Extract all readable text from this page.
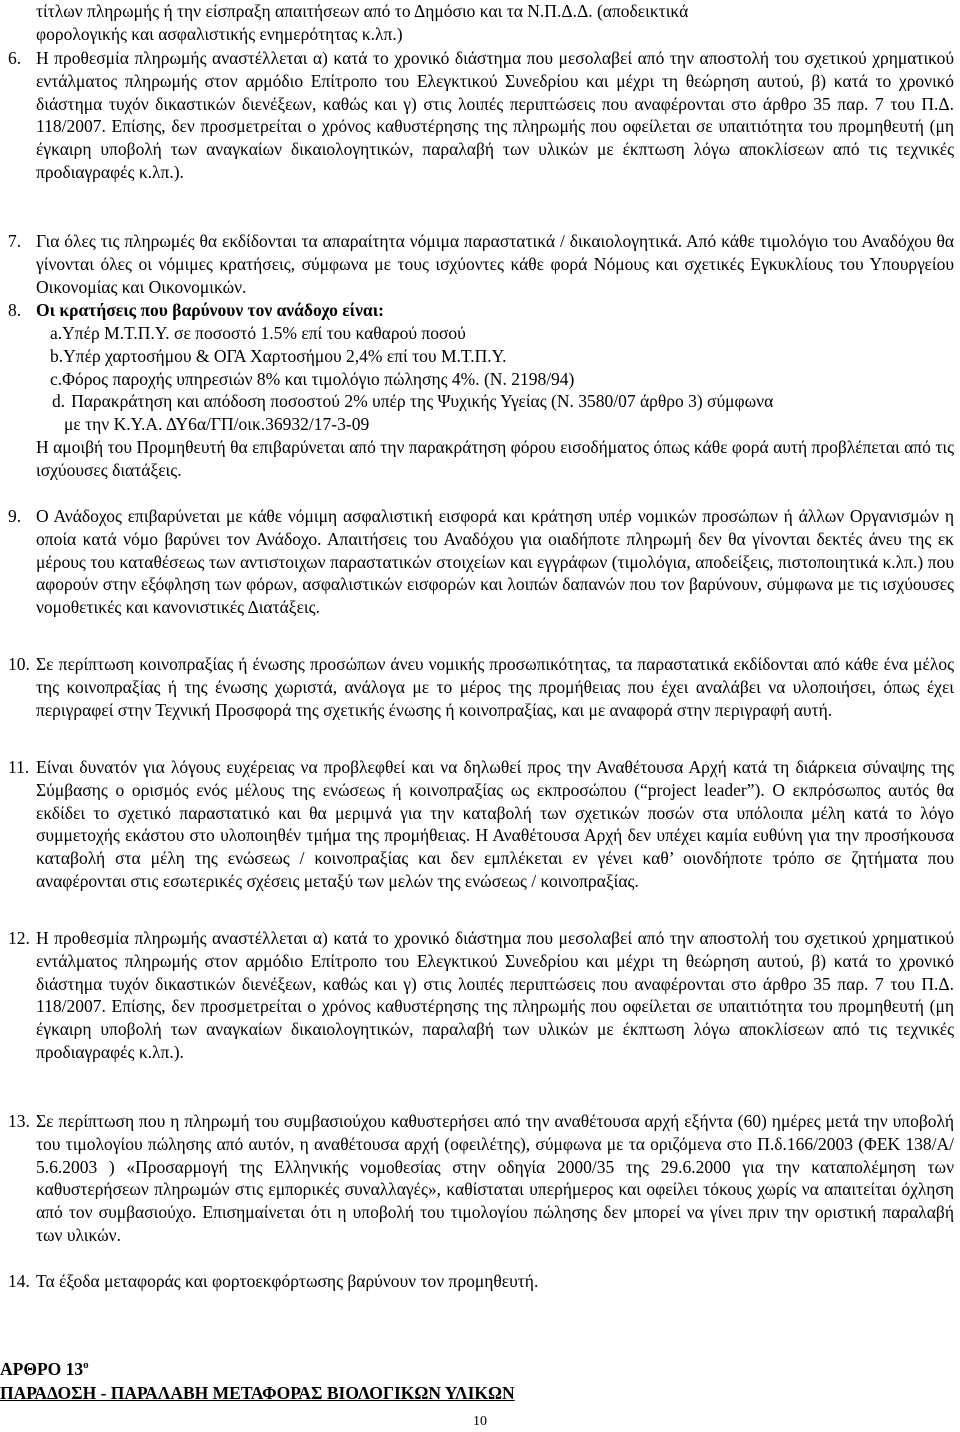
τίτλων πληρωμής ή την είσπραξη απαιτήσεων από το Δημόσιο και τα Ν.Π.Δ.Δ. (αποδεικτικά
φορολογικής και ασφαλιστικής ενημερότητας κ.λπ.)
6. Η προθεσμία πληρωμής αναστέλλεται α) κατά το χρονικό διάστημα που μεσολαβεί από την αποστολή του σχετικού χρηματικού εντάλματος πληρωμής στον αρμόδιο Επίτροπο του Ελεγκτικού Συνεδρίου και μέχρι τη θεώρηση αυτού, β) κατά το χρονικό διάστημα τυχόν δικαστικών διενέξεων, καθώς και γ) στις λοιπές περιπτώσεις που αναφέρονται στο άρθρο 35 παρ. 7 του Π.Δ. 118/2007. Επίσης, δεν προσμετρείται ο χρόνος καθυστέρησης της πληρωμής που οφείλεται σε υπαιτιότητα του προμηθευτή (μη έγκαιρη υποβολή των αναγκαίων δικαιολογητικών, παραλαβή των υλικών με έκπτωση λόγω αποκλίσεων από τις τεχνικές προδιαγραφές κ.λπ.).
7. Για όλες τις πληρωμές θα εκδίδονται τα απαραίτητα νόμιμα παραστατικά / δικαιολογητικά. Από κάθε τιμολόγιο του Αναδόχου θα γίνονται όλες οι νόμιμες κρατήσεις, σύμφωνα με τους ισχύοντες κάθε φορά Νόμους και σχετικές Εγκυκλίους του Υπουργείου Οικονομίας και Οικονομικών.
8. Οι κρατήσεις που βαρύνουν τον ανάδοχο είναι:
a.Υπέρ Μ.Τ.Π.Υ. σε ποσοστό 1.5% επί του καθαρού ποσού
b.Υπέρ χαρτοσήμου & ΟΓΑ Χαρτοσήμου 2,4% επί του Μ.Τ.Π.Υ.
c.Φόρος παροχής υπηρεσιών 8% και τιμολόγιο πώλησης 4%. (Ν. 2198/94)
d. Παρακράτηση και απόδοση ποσοστού 2% υπέρ της Ψυχικής Υγείας (Ν. 3580/07 άρθρο 3) σύμφωνα
με την Κ.Υ.Α. ΔΥ6α/ΓΠ/οικ.36932/17-3-09
Η αμοιβή του Προμηθευτή θα επιβαρύνεται από την παρακράτηση φόρου εισοδήματος όπως κάθε φορά αυτή προβλέπεται από τις ισχύουσες διατάξεις.
9. Ο Ανάδοχος επιβαρύνεται με κάθε νόμιμη ασφαλιστική εισφορά και κράτηση υπέρ νομικών προσώπων ή άλλων Οργανισμών η οποία κατά νόμο βαρύνει τον Ανάδοχο. Απαιτήσεις του Αναδόχου για οιαδήποτε πληρωμή δεν θα γίνονται δεκτές άνευ της εκ μέρους του καταθέσεως των αντιστοιχων παραστατικών στοιχείων και εγγράφων (τιμολόγια, αποδείξεις, πιστοποιητικά κ.λπ.) που αφορούν στην εξόφληση των φόρων, ασφαλιστικών εισφορών και λοιπών δαπανών που τον βαρύνουν, σύμφωνα με τις ισχύουσες νομοθετικές και κανονιστικές Διατάξεις.
10. Σε περίπτωση κοινοπραξίας ή ένωσης προσώπων άνευ νομικής προσωπικότητας, τα παραστατικά εκδίδονται από κάθε ένα μέλος της κοινοπραξίας ή της ένωσης χωριστά, ανάλογα με το μέρος της προμήθειας που έχει αναλάβει να υλοποιήσει, όπως έχει περιγραφεί στην Τεχνική Προσφορά της σχετικής ένωσης ή κοινοπραξίας, και με αναφορά στην περιγραφή αυτή.
11. Είναι δυνατόν για λόγους ευχέρειας να προβλεφθεί και να δηλωθεί προς την Αναθέτουσα Αρχή κατά τη διάρκεια σύναψης της Σύμβασης ο ορισμός ενός μέλους της ενώσεως ή κοινοπραξίας ως εκπροσώπου (“project leader”). Ο εκπρόσωπος αυτός θα εκδίδει το σχετικό παραστατικό και θα μεριμνά για την καταβολή των σχετικών ποσών στα υπόλοιπα μέλη κατά το λόγο συμμετοχής εκάστου στο υλοποιηθέν τμήμα της προμήθειας. Η Αναθέτουσα Αρχή δεν υπέχει καμία ευθύνη για την προσήκουσα καταβολή στα μέλη της ενώσεως / κοινοπραξίας και δεν εμπλέκεται εν γένει καθ’ οιονδήποτε τρόπο σε ζητήματα που αναφέρονται στις εσωτερικές σχέσεις μεταξύ των μελών της ενώσεως / κοινοπραξίας.
12. Η προθεσμία πληρωμής αναστέλλεται α) κατά το χρονικό διάστημα που μεσολαβεί από την αποστολή του σχετικού χρηματικού εντάλματος πληρωμής στον αρμόδιο Επίτροπο του Ελεγκτικού Συνεδρίου και μέχρι τη θεώρηση αυτού, β) κατά το χρονικό διάστημα τυχόν δικαστικών διενέξεων, καθώς και γ) στις λοιπές περιπτώσεις που αναφέρονται στο άρθρο 35 παρ. 7 του Π.Δ. 118/2007. Επίσης, δεν προσμετρείται ο χρόνος καθυστέρησης της πληρωμής που οφείλεται σε υπαιτιότητα του προμηθευτή (μη έγκαιρη υποβολή των αναγκαίων δικαιολογητικών, παραλαβή των υλικών με έκπτωση λόγω αποκλίσεων από τις τεχνικές προδιαγραφές κ.λπ.).
13. Σε περίπτωση που η πληρωμή του συμβασιούχου καθυστερήσει από την αναθέτουσα αρχή εξήντα (60) ημέρες μετά την υποβολή του τιμολογίου πώλησης από αυτόν, η αναθέτουσα αρχή (οφειλέτης), σύμφωνα με τα οριζόμενα στο Π.δ.166/2003 (ΦΕΚ 138/Α/ 5.6.2003 ) «Προσαρμογή της Ελληνικής νομοθεσίας στην οδηγία 2000/35 της 29.6.2000 για την καταπολέμηση των καθυστερήσεων πληρωμών στις εμπορικές συναλλαγές», καθίσταται υπερήμερος και οφείλει τόκους χωρίς να απαιτείται όχληση από τον συμβασιούχο. Επισημαίνεται ότι η υποβολή του τιμολογίου πώλησης δεν μπορεί να γίνει πριν την οριστική παραλαβή των υλικών.
14. Τα έξοδα μεταφοράς και φορτοεκφόρτωσης βαρύνουν τον προμηθευτή.
ΑΡΘΡΟ $13^o$
ΠΑΡΑΔΟΣΗ - ΠΑΡΑΛΑΒΗ ΜΕΤΑΦΟΡΑΣ ΒΙΟΛΟΓΙΚΩΝ ΥΛΙΚΩΝ
10
